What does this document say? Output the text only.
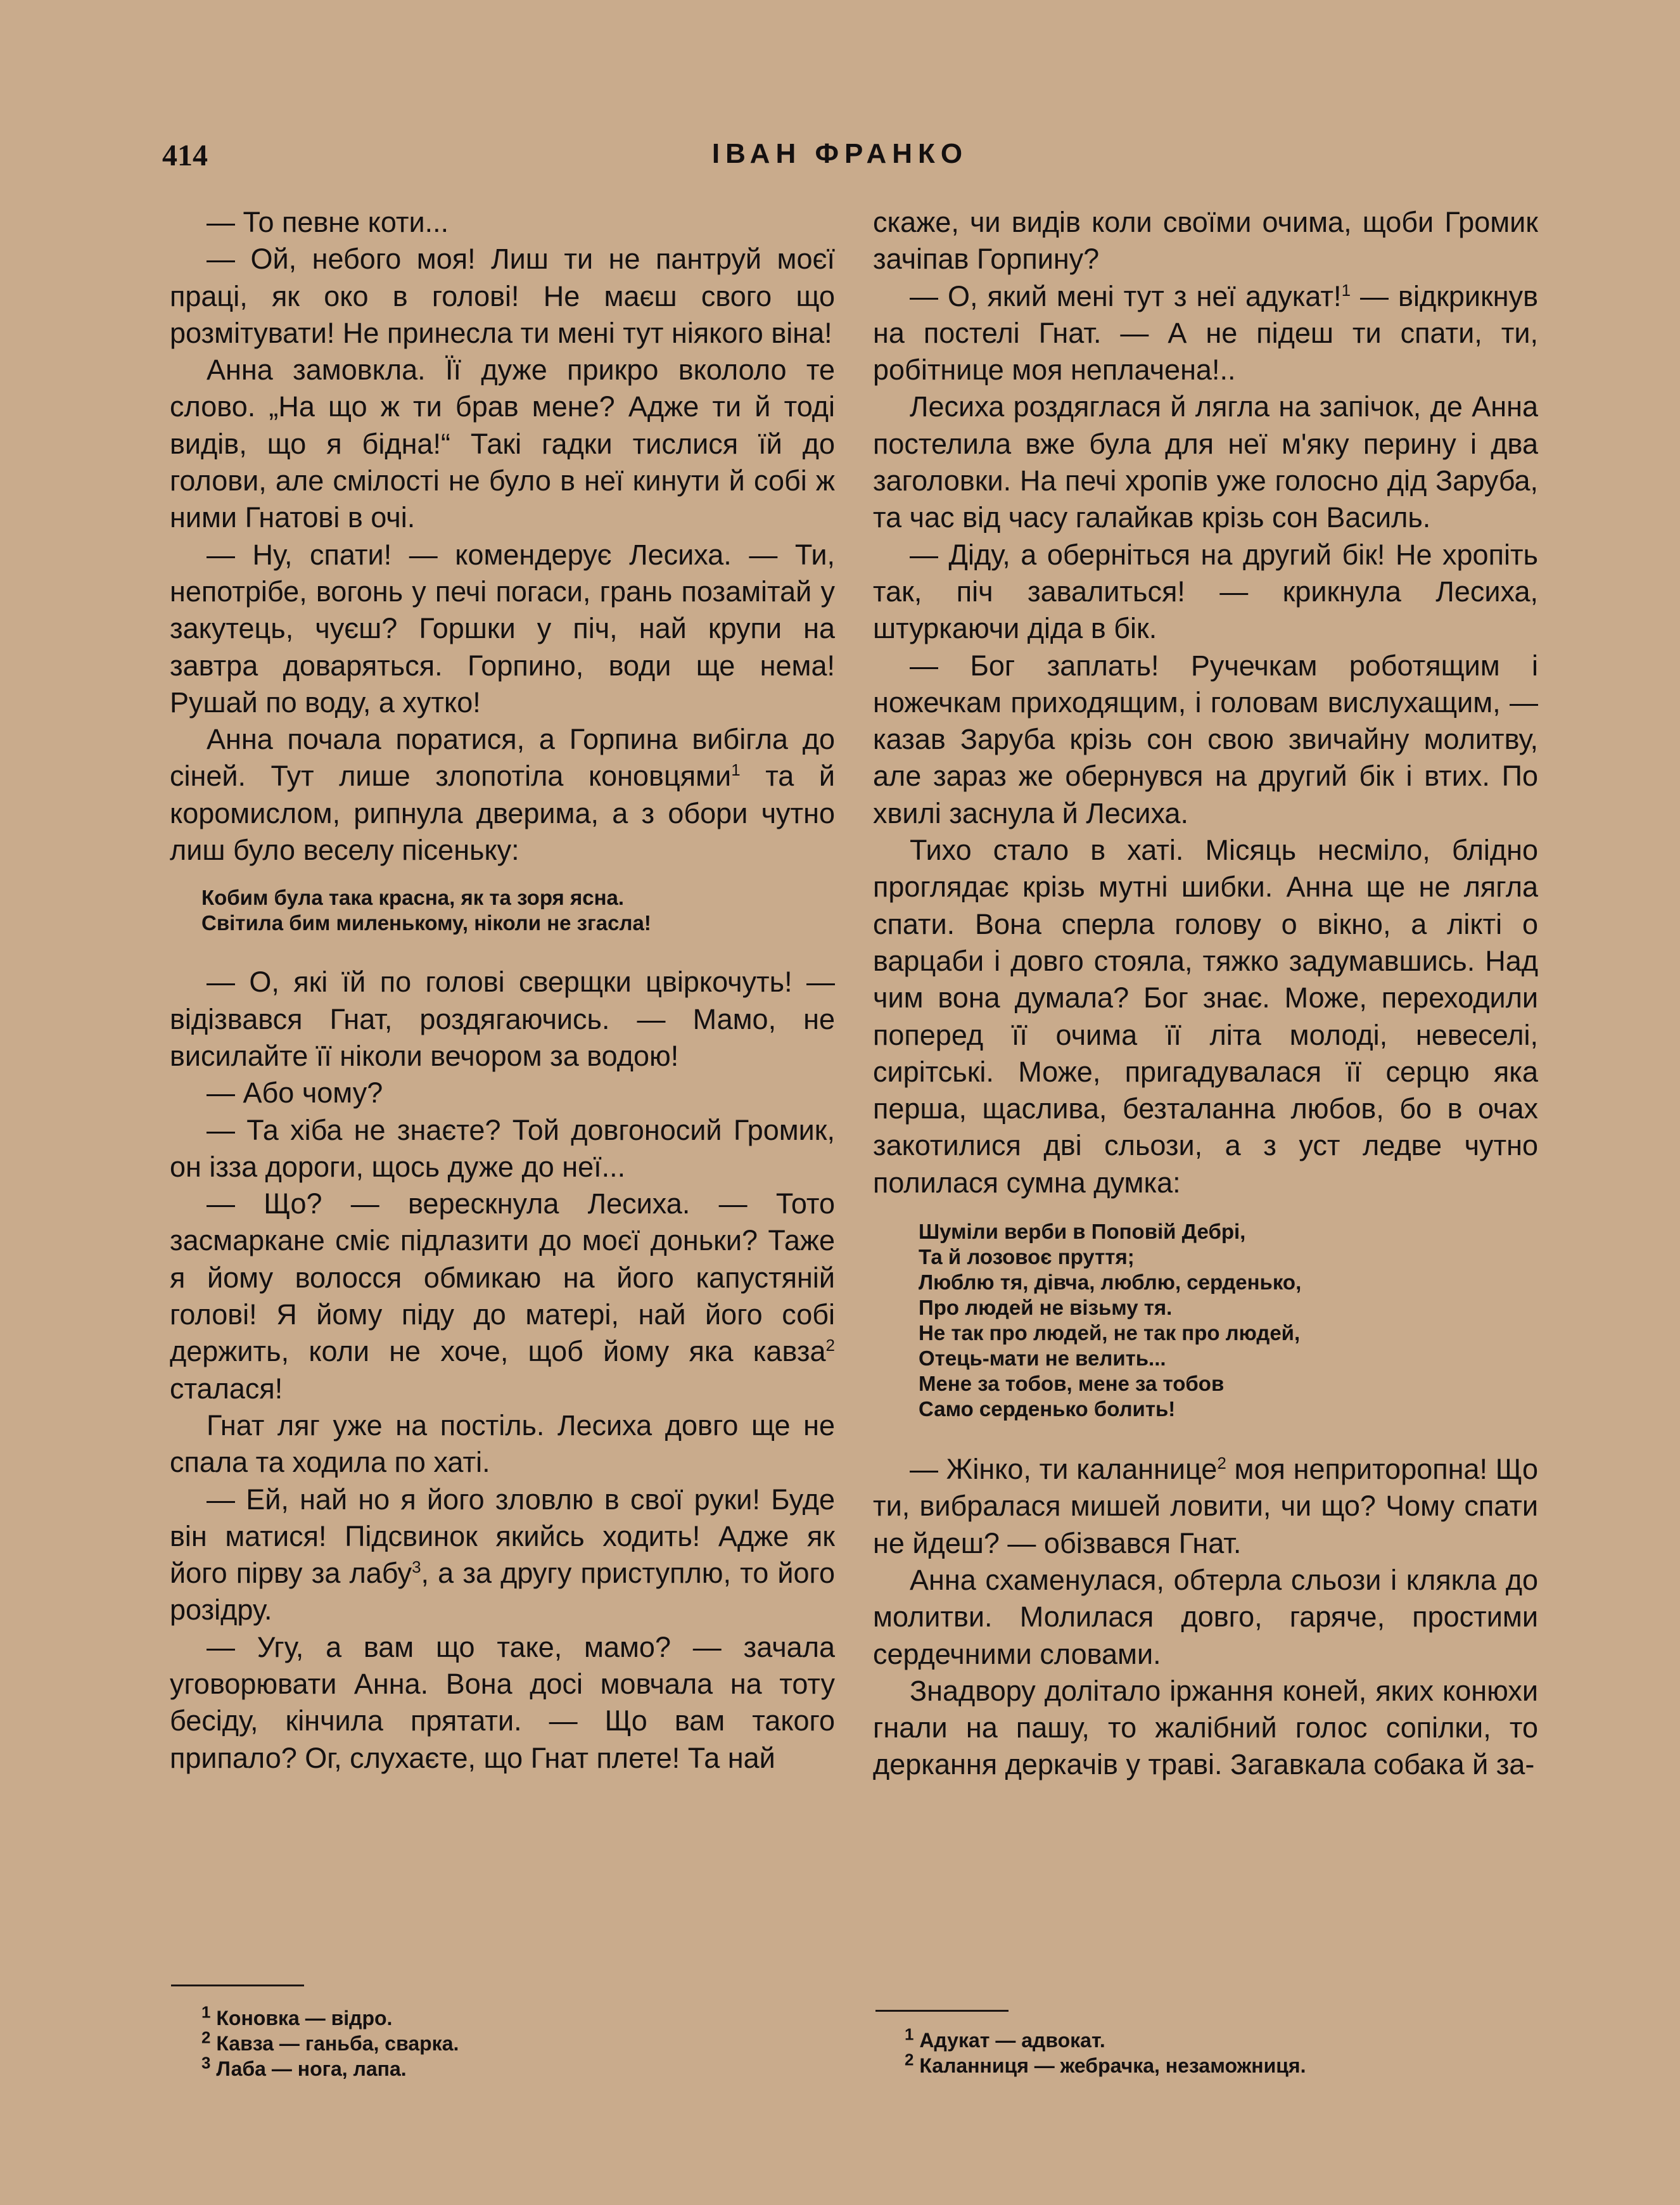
414	ІВАН ФРАНКО

— То певне коти...

— Ой, небого моя! Лиш ти не пантруй моєї праці, як око в голові! Не маєш свого що розмітувати! Не принесла ти мені тут ніякого віна!

Анна замовкла. Її дуже прикро вкололо те слово. „На що ж ти брав мене? Адже ти й тоді видів, що я бідна!“ Такі гадки тислися їй до голови, але смілості не було в неї кинути й собі ж ними Гнатові в очі.

— Ну, спати! — комендерує Лесиха. — Ти, непотрібе, вогонь у печі погаси, грань позамітай у закутець, чуєш? Горшки у піч, най крупи на завтра доваряться. Горпино, води ще нема! Рушай по воду, а хутко!

Анна почала поратися, а Горпина вибігла до сіней. Тут лише злопотіла коновцями$^1$ та й коромислом, рипнула дверима, а з обори чутно лиш було веселу пісеньку:

Кобим була така красна, як та зоря ясна.
Світила бим миленькому, ніколи не згасла!

— О, які їй по голові сверщки цвіркочуть! — відізвався Гнат, роздягаючись. — Мамо, не висилайте її ніколи вечором за водою!

— Або чому?

— Та хіба не знаєте? Той довгоносий Громик, он ізза дороги, щось дуже до неї...

— Що? — верескнула Лесиха. — Тото засмаркане сміє підлазити до моєї доньки? Таже я йому волосся обмикаю на його капустяній голові! Я йому піду до матері, най його собі держить, коли не хоче, щоб йому яка кавза$^2$ сталася!

Гнат ляг уже на постіль. Лесиха довго ще не спала та ходила по хаті.

— Ей, най но я його зловлю в свої руки! Буде він матися! Підсвинок якийсь ходить! Адже як його пірву за лабу$^3$, а за другу приступлю, то його розідру.

— Угу, а вам що таке, мамо? — зачала уговорювати Анна. Вона досі мовчала на тоту бесіду, кінчила прятати. — Що вам такого припало? Ог, слухаєте, що Гнат плете! Та най

скаже, чи видів коли своїми очима, щоби Громик зачіпав Горпину?

— О, який мені тут з неї адукат!$^1$ — відкрикнув на постелі Гнат. — А не підеш ти спати, ти, робітнице моя неплачена!..

Лесиха роздяглася й лягла на запічок, де Анна постелила вже була для неї м'яку перину і два заголовки. На печі хропів уже голосно дід Заруба, та час від часу галайкав крізь сон Василь.

— Діду, а оберніться на другий бік! Не хропіть так, піч завалиться! — крикнула Лесиха, штуркаючи діда в бік.

— Бог заплать! Ручечкам роботящим і ножечкам приходящим, і головам вислухащим, — казав Заруба крізь сон свою звичайну молитву, але зараз же обернувся на другий бік і втих. По хвилі заснула й Лесиха.

Тихо стало в хаті. Місяць несміло, блідно проглядає крізь мутні шибки. Анна ще не лягла спати. Вона сперла голову о вікно, а лікті о варцаби і довго стояла, тяжко задумавшись. Над чим вона думала? Бог знає. Може, переходили поперед її очима її літа молоді, невеселі, сирітські. Може, пригадувалася її серцю яка перша, щаслива, безталанна любов, бо в очах закотилися дві сльози, а з уст ледве чутно полилася сумна думка:

Шуміли верби в Поповій Дебрі,
Та й лозовоє пруття;
Люблю тя, дівча, люблю, серденько,
Про людей не візьму тя.
Не так про людей, не так про людей,
Отець-мати не велить...
Мене за тобов, мене за тобов
Само серденько болить!

— Жінко, ти каланнице$^2$ моя неприторопна! Що ти, вибралася мишей ловити, чи що? Чому спати не йдеш? — обізвався Гнат.

Анна схаменулася, обтерла сльози і клякла до молитви. Молилася довго, гаряче, простими сердечними словами.

Знадвору долітало іржання коней, яких конюхи гнали на пашу, то жалібний голос сопілки, то деркання деркачів у траві. Загавкала собака й за-

$^1$ Коновка — відро.
$^2$ Кавза — ганьба, сварка.
$^3$ Лаба — нога, лапа.
$^1$ Адукат — адвокат.
$^2$ Каланниця — жебрачка, незаможниця.
